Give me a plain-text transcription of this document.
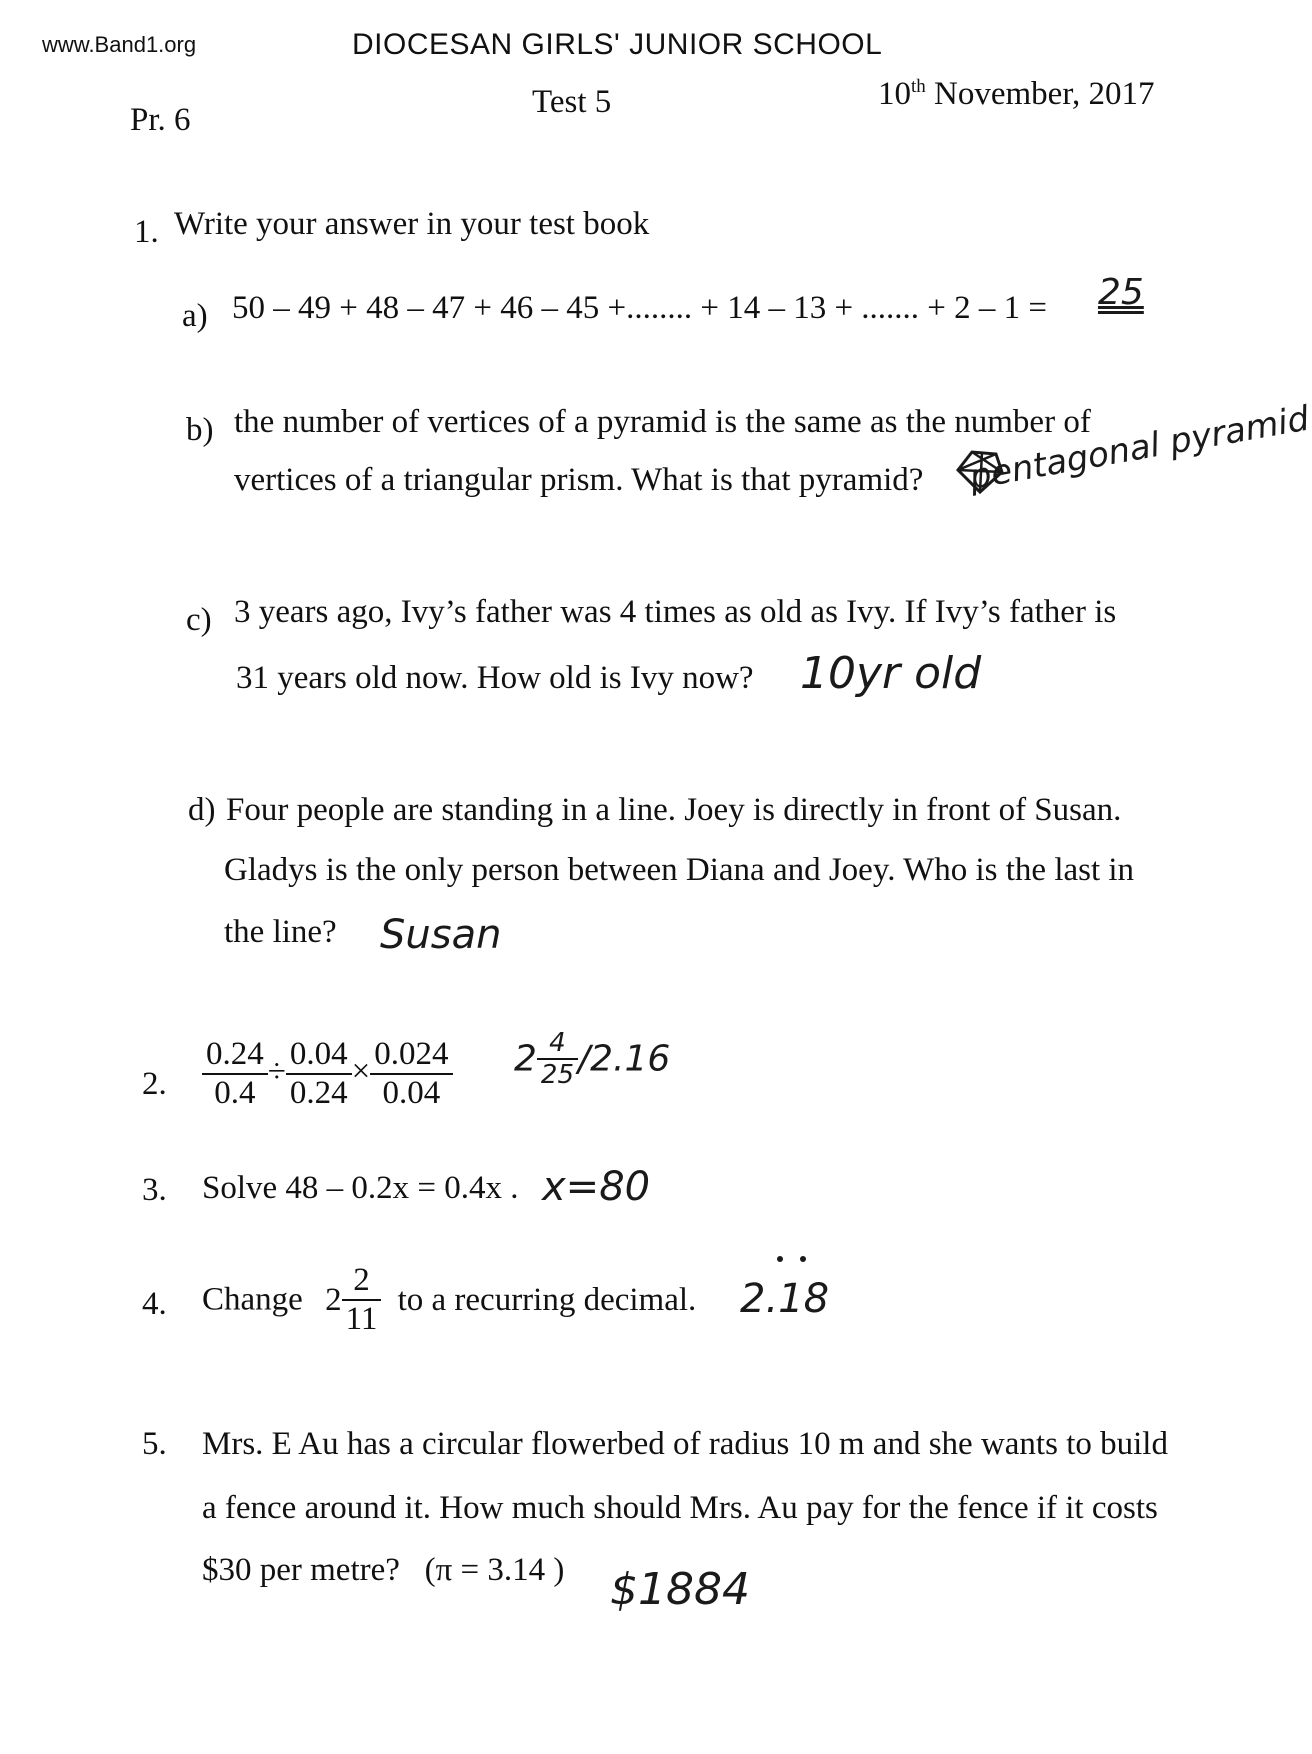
www.Band1.org	DIOCESAN GIRLS' JUNIOR SCHOOL
Pr. 6	Test 5	10th November, 2017
1. Write your answer in your test book
a) 50 – 49 + 48 – 47 + 46 – 45 +........ + 14 – 13 + ....... + 2 – 1 = 25
b) the number of vertices of a pyramid is the same as the number of
vertices of a triangular prism. What is that pyramid? pentagonal pyramid
c) 3 years ago, Ivy’s father was 4 times as old as Ivy. If Ivy’s father is
31 years old now. How old is Ivy now? 10yr old
d) Four people are standing in a line. Joey is directly in front of Susan.
Gladys is the only person between Diana and Joey. Who is the last in
the line? Susan
2. $\frac{0.24}{0.4} \div \frac{0.04}{0.24} \times \frac{0.024}{0.04} 2 \frac{4}{25} /2.16$
3. Solve 48 – 0.2x = 0.4x . x=80
4. Change $2 \frac{2}{11}$ to a recurring decimal. 2.18
5. Mrs. E Au has a circular flowerbed of radius 10 m and she wants to build
a fence around it. How much should Mrs. Au pay for the fence if it costs
$30 per metre?   (π = 3.14 ) $1884
